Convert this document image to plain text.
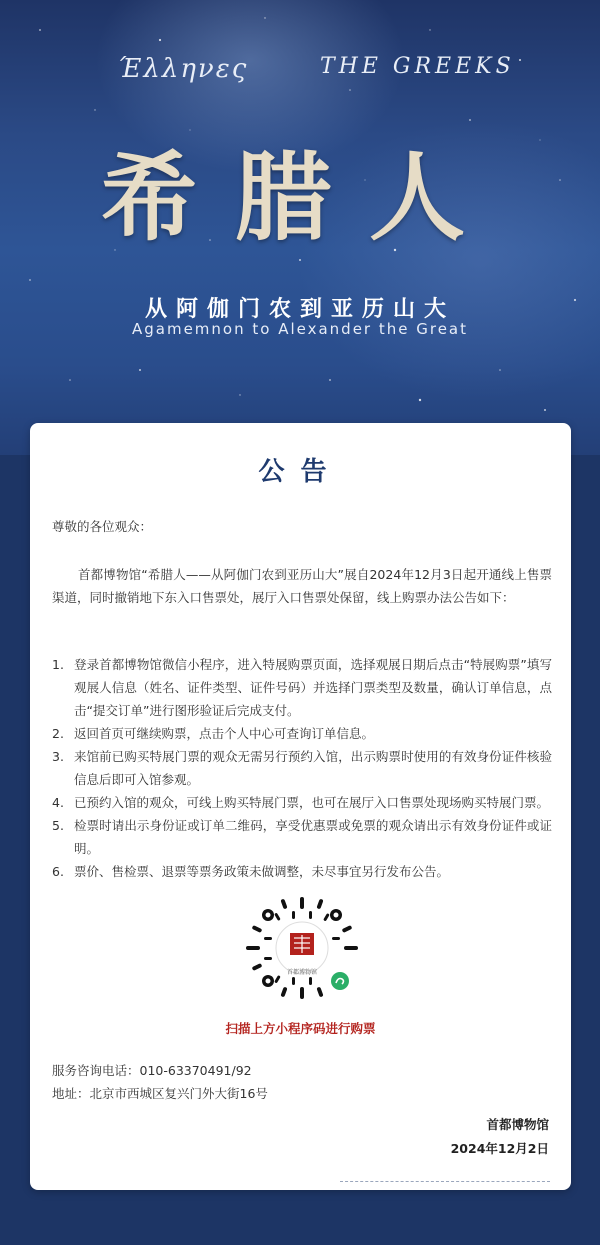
Έλληνες	THE GREEKS
希腊人
从阿伽门农到亚历山大
Agamemnon to Alexander the Great
公告
尊敬的各位观众：
首都博物馆“希腊人——从阿伽门农到亚历山大”展自2024年12月3日起开通线上售票渠道，同时撤销地下东入口售票处，展厅入口售票处保留，线上购票办法公告如下：
1. 登录首都博物馆微信小程序，进入特展购票页面，选择观展日期后点击“特展购票”填写观展人信息（姓名、证件类型、证件号码）并选择门票类型及数量，确认订单信息，点击“提交订单”进行图形验证后完成支付。
2. 返回首页可继续购票，点击个人中心可查询订单信息。
3. 来馆前已购买特展门票的观众无需另行预约入馆，出示购票时使用的有效身份证件核验信息后即可入馆参观。
4. 已预约入馆的观众，可线上购买特展门票，也可在展厅入口售票处现场购买特展门票。
5. 检票时请出示身份证或订单二维码，享受优惠票或免票的观众请出示有效身份证件或证明。
6. 票价、售检票、退票等票务政策未做调整，未尽事宜另行发布公告。
首都博物馆
扫描上方小程序码进行购票
服务咨询电话：010-63370491/92
地址：北京市西城区复兴门外大街16号
首都博物馆
2024年12月2日
